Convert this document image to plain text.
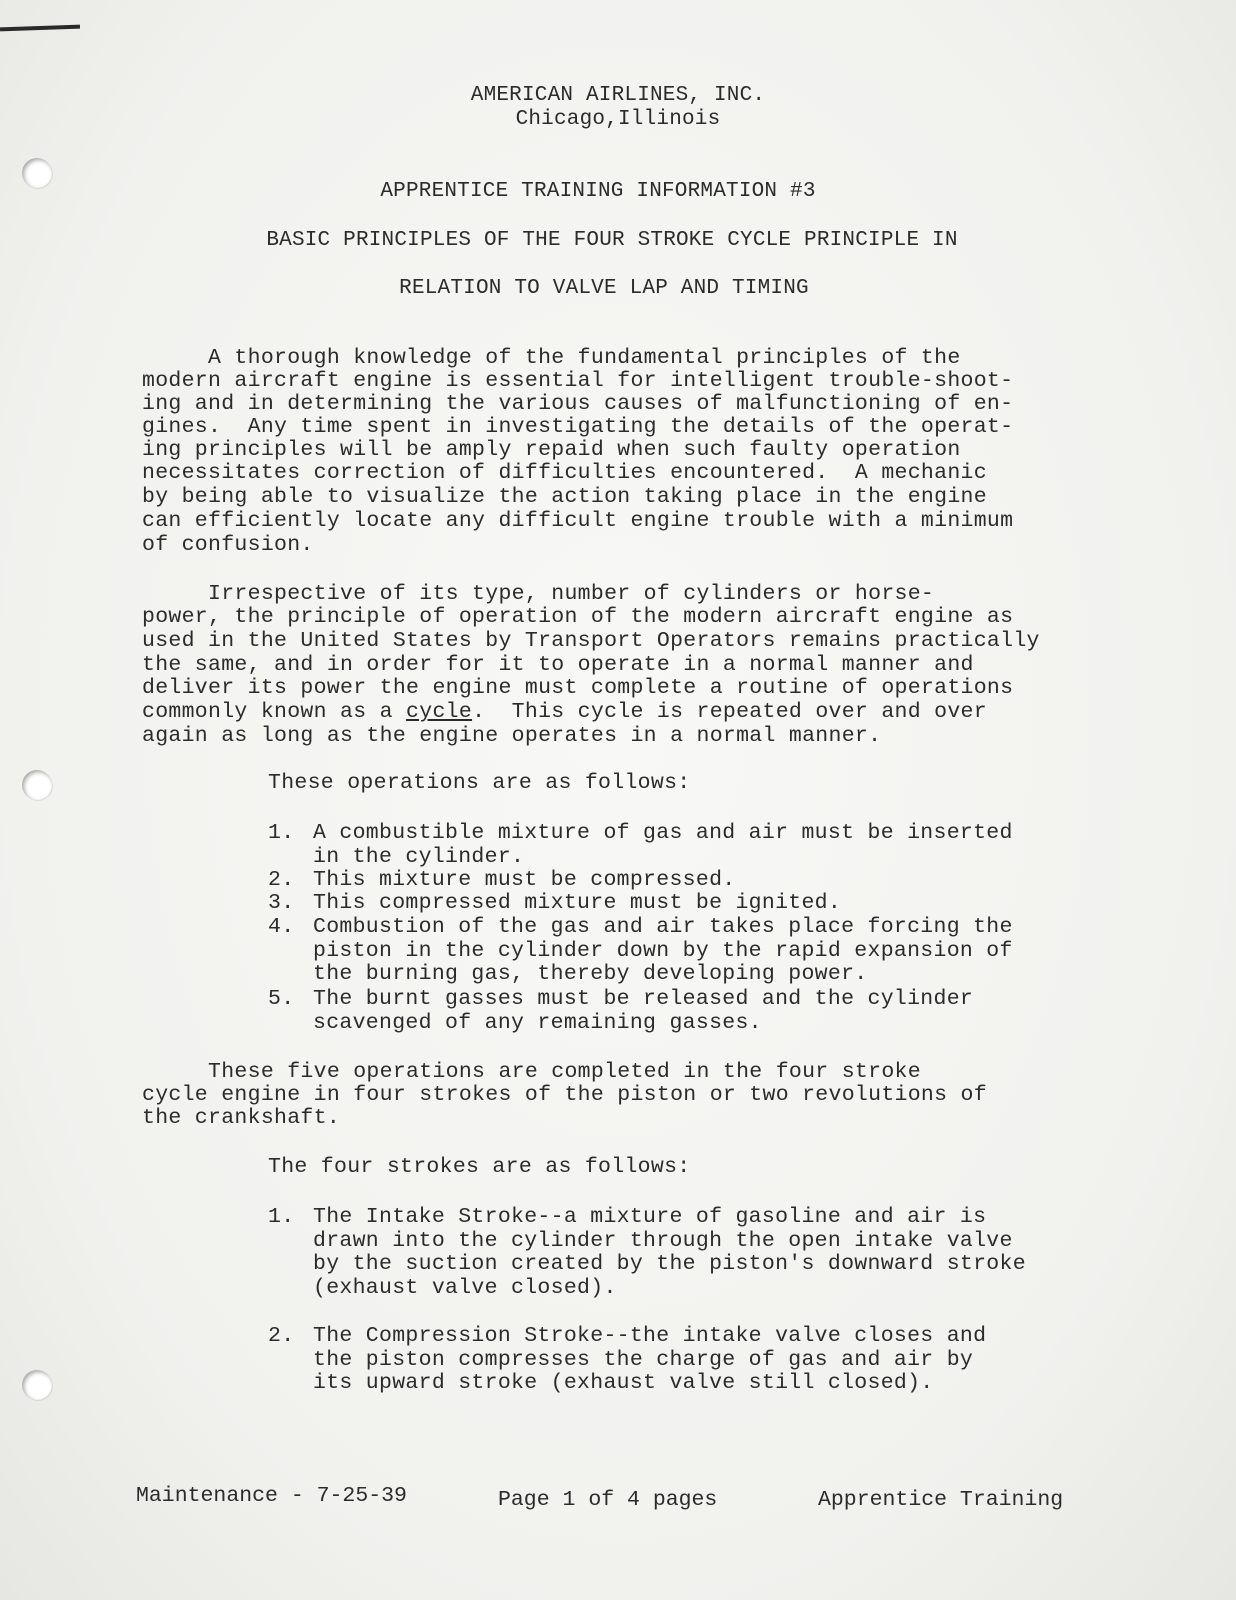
AMERICAN AIRLINES, INC.
Chicago,Illinois
APPRENTICE TRAINING INFORMATION #3
BASIC PRINCIPLES OF THE FOUR STROKE CYCLE PRINCIPLE IN
RELATION TO VALVE LAP AND TIMING
A thorough knowledge of the fundamental principles of the
modern aircraft engine is essential for intelligent trouble-shoot-
ing and in determining the various causes of malfunctioning of en-
gines.  Any time spent in investigating the details of the operat-
ing principles will be amply repaid when such faulty operation
necessitates correction of difficulties encountered.  A mechanic
by being able to visualize the action taking place in the engine
can efficiently locate any difficult engine trouble with a minimum
of confusion.
Irrespective of its type, number of cylinders or horse-
power, the principle of operation of the modern aircraft engine as
used in the United States by Transport Operators remains practically
the same, and in order for it to operate in a normal manner and
deliver its power the engine must complete a routine of operations
commonly known as a cycle.  This cycle is repeated over and over
again as long as the engine operates in a normal manner.
These operations are as follows:

1.

A combustible mixture of gas and air must be inserted

in the cylinder.

2.

This mixture must be compressed.

3.

This compressed mixture must be ignited.

4.

Combustion of the gas and air takes place forcing the

piston in the cylinder down by the rapid expansion of

the burning gas, thereby developing power.

5.

The burnt gasses must be released and the cylinder

scavenged of any remaining gasses.

These five operations are completed in the four stroke
cycle engine in four strokes of the piston or two revolutions of
the crankshaft.
The four strokes are as follows:

1.

The Intake Stroke--a mixture of gasoline and air is

drawn into the cylinder through the open intake valve

by the suction created by the piston's downward stroke

(exhaust valve closed).

2.

The Compression Stroke--the intake valve closes and

the piston compresses the charge of gas and air by

its upward stroke (exhaust valve still closed).

Maintenance - 7-25-39	Page 1 of 4 pages	Apprentice Training
